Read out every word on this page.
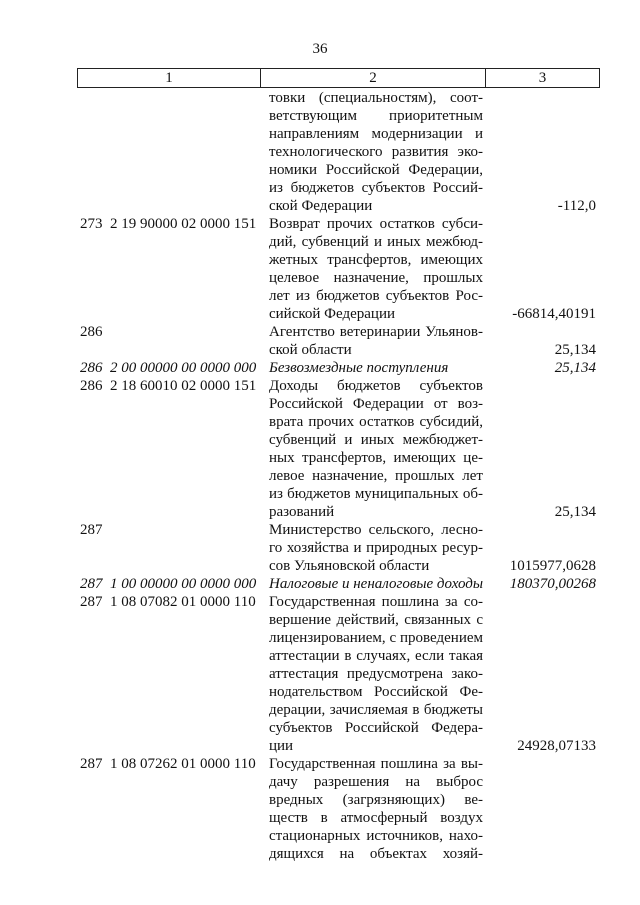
36
1	2	3
товки (специальностям), соот-
ветствующим приоритетным
направлениям модернизации и
технологического развития эко-
номики Российской Федерации,
из бюджетов субъектов Россий-
ской Федерации	-112,0
273  2 19 90000 02 0000 151 Возврат прочих остатков субси-
дий, субвенций и иных межбюд-
жетных трансфертов, имеющих
целевое назначение, прошлых
лет из бюджетов субъектов Рос-
сийской Федерации	-66814,40191
286	Агентство ветеринарии Ульянов-
ской области	25,134
286  2 00 00000 00 0000 000 Безвозмездные поступления	25,134
286  2 18 60010 02 0000 151 Доходы бюджетов субъектов
Российской Федерации от воз-
врата прочих остатков субсидий,
субвенций и иных межбюджет-
ных трансфертов, имеющих це-
левое назначение, прошлых лет
из бюджетов муниципальных об-
разований	25,134
287	Министерство сельского, лесно-
го хозяйства и природных ресур-
сов Ульяновской области	1015977,0628
287  1 00 00000 00 0000 000 Налоговые и неналоговые доходы 180370,00268
287  1 08 07082 01 0000 110 Государственная пошлина за со-
вершение действий, связанных с
лицензированием, с проведением
аттестации в случаях, если такая
аттестация предусмотрена зако-
нодательством Российской Фе-
дерации, зачисляемая в бюджеты
субъектов Российской Федера-
ции	24928,07133
287  1 08 07262 01 0000 110 Государственная пошлина за вы-
дачу разрешения на выброс
вредных (загрязняющих) ве-
ществ в атмосферный воздух
стационарных источников, нахо-
дящихся на объектах хозяй-
